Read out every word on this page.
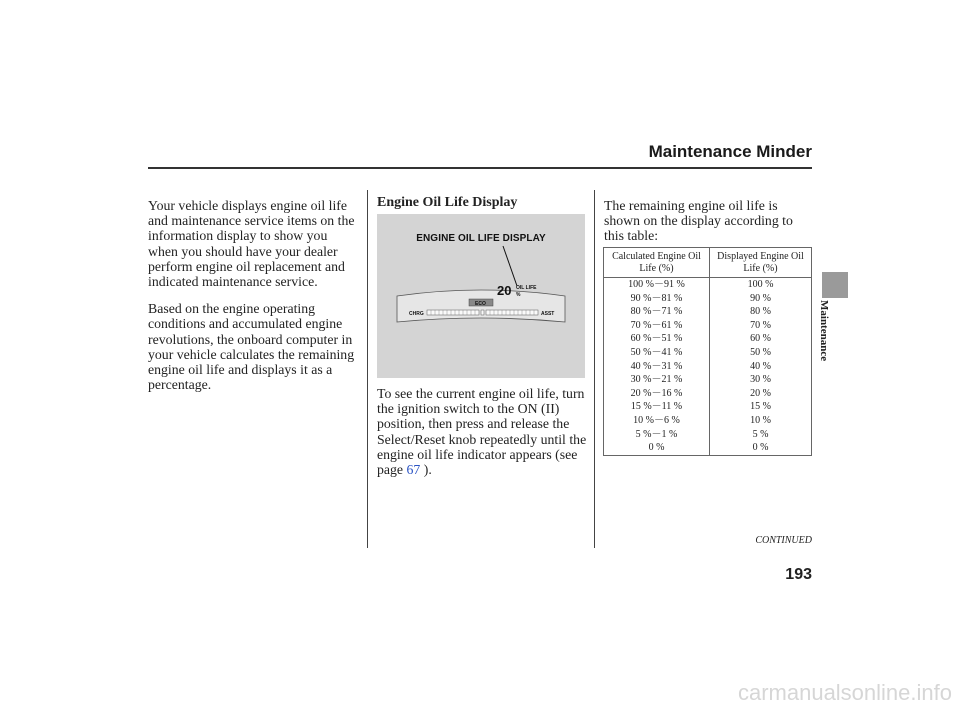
Maintenance Minder

Your vehicle displays engine oil life and maintenance service items on the information display to show you when you should have your dealer perform engine oil replacement and indicated maintenance service.

Based on the engine operating conditions and accumulated engine revolutions, the onboard computer in your vehicle calculates the remaining engine oil life and displays it as a percentage.

Engine Oil Life Display
ENGINE OIL LIFE DISPLAY
20 OIL LIFE
%
ECO
CHRG	ASST
To see the current engine oil life, turn the ignition switch to the ON (II) position, then press and release the Select/Reset knob repeatedly until the engine oil life indicator appears (see page 67 ).
The remaining engine oil life is shown on the display according to this table:
Calculated Engine Oil Life (%)	Displayed Engine Oil Life (%)
100 %－91 %	100 %
90 %－81 %	90 %
80 %－71 %	80 %
70 %－61 %	70 %
60 %－51 %	60 %
50 %－41 %	50 %
40 %－31 %	40 %
30 %－21 %	30 %
20 %－16 %	20 %
15 %－11 %	15 %
10 %－6 %	10 %
5 %－1 %	5 %
0 %	0 %
CONTINUED
193
Maintenance
carmanualsonline.info
